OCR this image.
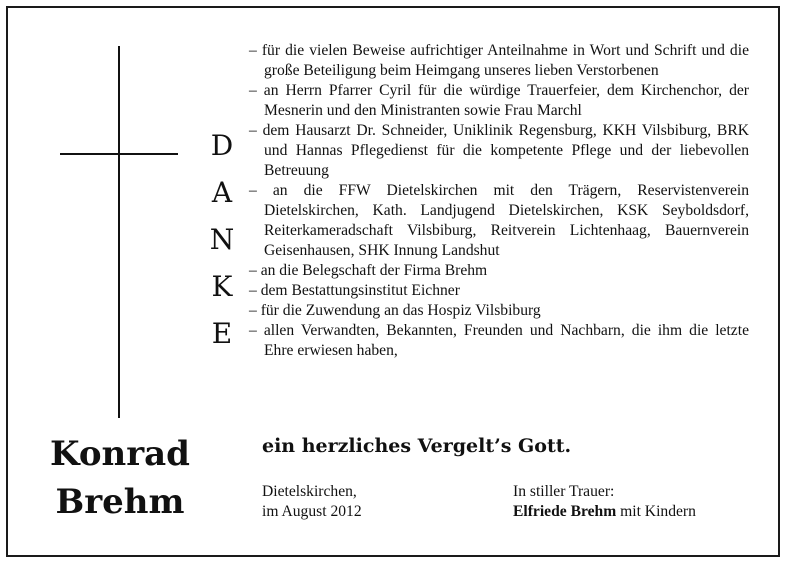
D
A
N
K
E
Konrad
Brehm
– für die vielen Beweise aufrichtiger Anteilnahme in Wort und Schrift und die große Beteiligung beim Heimgang unseres lieben Verstorbenen
– an Herrn Pfarrer Cyril für die würdige Trauerfeier, dem Kirchenchor, der Mesnerin und den Ministranten sowie Frau Marchl
– dem Hausarzt Dr. Schneider, Uniklinik Regensburg, KKH Vilsbiburg, BRK und Hannas Pflegedienst für die kompetente Pflege und der liebevollen Betreuung
– an die FFW Dietelskirchen mit den Trägern, Reservistenverein Dietelskirchen, Kath. Landjugend Dietelskirchen, KSK Seyboldsdorf, Reiterkameradschaft Vilsbiburg, Reitverein Lichtenhaag, Bauernverein Geisenhausen, SHK Innung Landshut
– an die Belegschaft der Firma Brehm
– dem Bestattungsinstitut Eichner
– für die Zuwendung an das Hospiz Vilsbiburg
– allen Verwandten, Bekannten, Freunden und Nachbarn, die ihm die letzte Ehre erwiesen haben,
ein herzliches Vergelt’s Gott.
Dietelskirchen,
im August 2012
In stiller Trauer:
Elfriede Brehm mit Kindern
